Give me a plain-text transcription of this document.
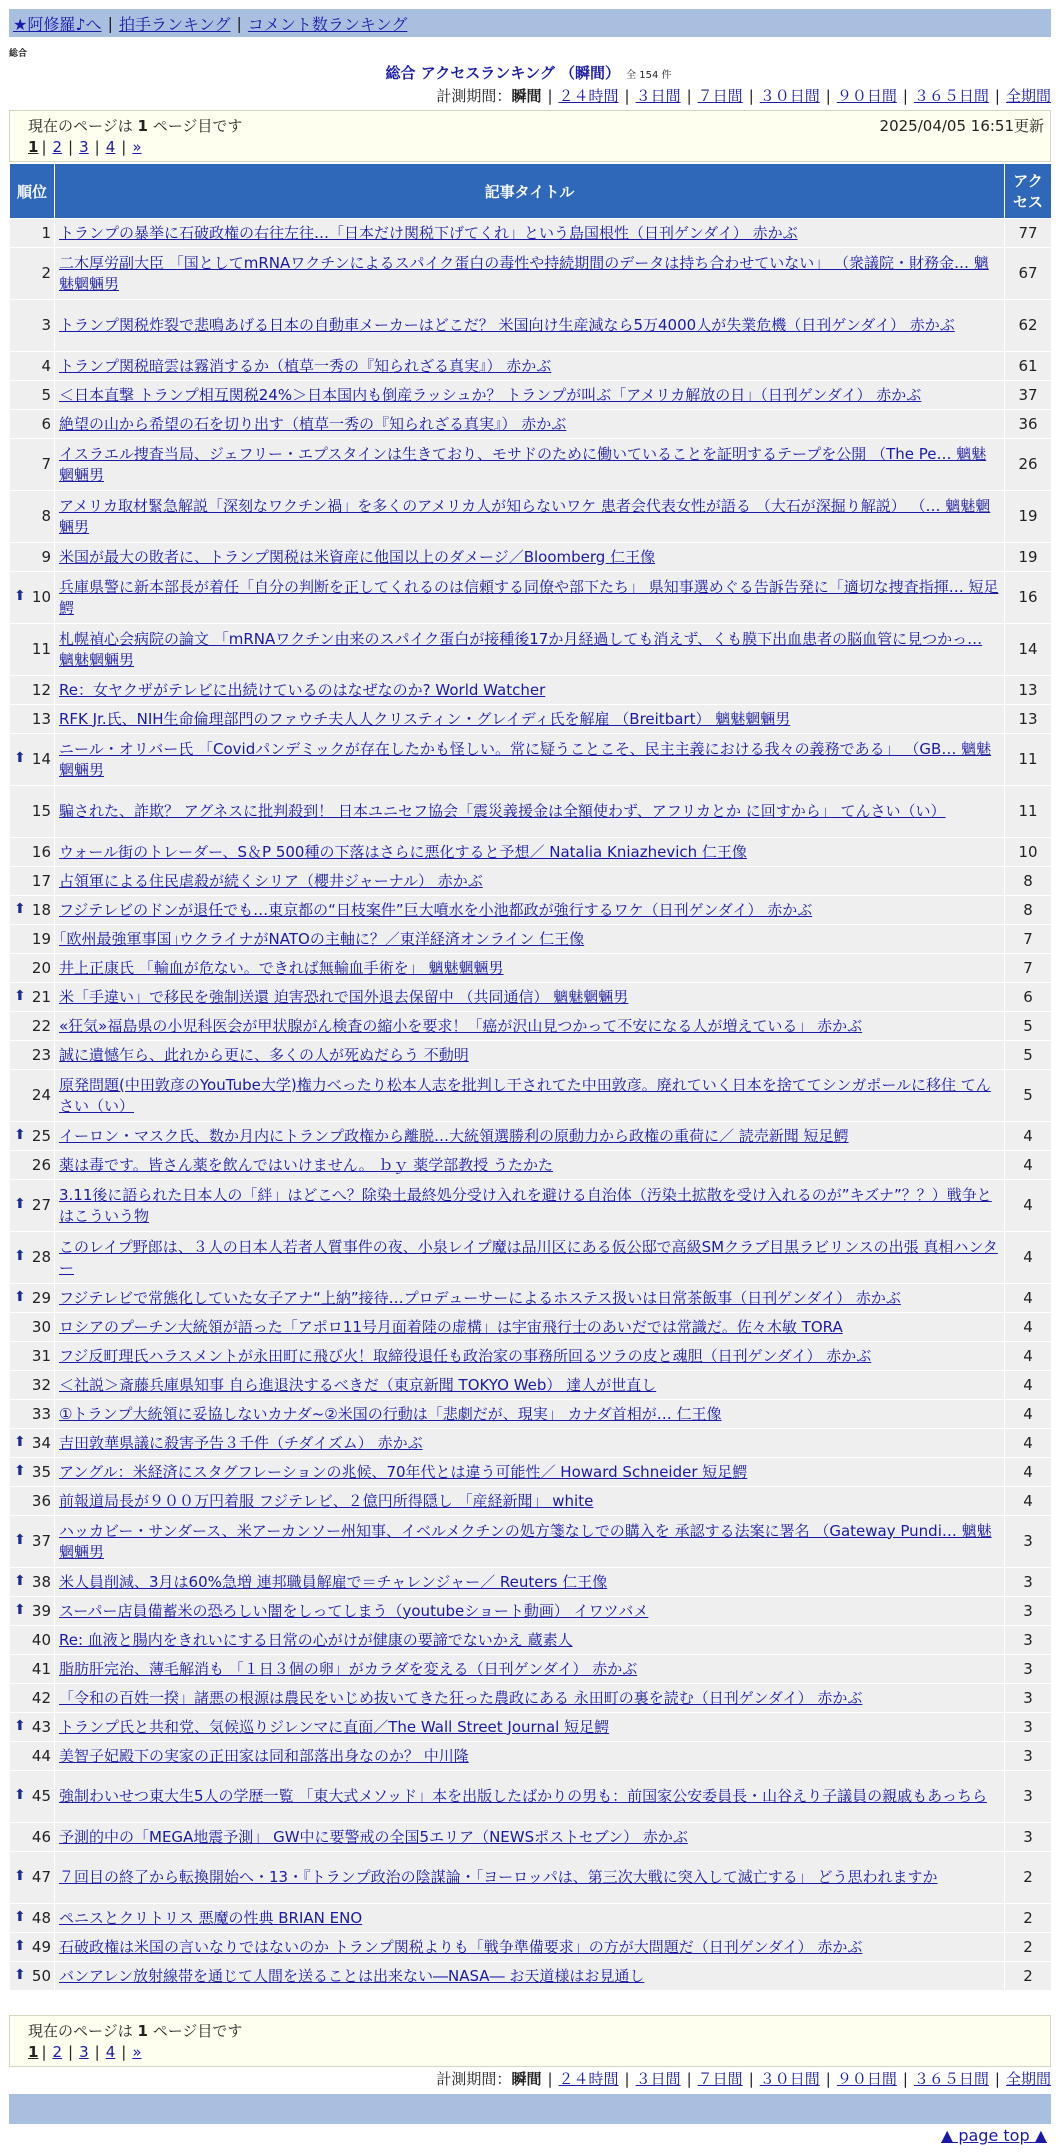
★阿修羅♪へ | 拍手ランキング | コメント数ランキング
総合
総合 アクセスランキング （瞬間） 全 154 件
計測期間：瞬間 | ２４時間 | ３日間 | ７日間 | ３０日間 | ９０日間 | ３６５日間 | 全期間
現在のページは 1 ページ目です	2025/04/05 16:51更新
1 | 2 | 3 | 4 | »
順位	記事タイトル	アクセス
1	トランプの暴挙に石破政権の右往左往…「日本だけ関税下げてくれ」という島国根性（日刊ゲンダイ） 赤かぶ	77
2	二木厚労副大臣 「国としてmRNAワクチンによるスパイク蛋白の毒性や持続期間のデータは持ち合わせていない」 （衆議院・財務金… 魑魅魍魎男	67
3	トランプ関税炸裂で悲鳴あげる日本の自動車メーカーはどこだ？ 米国向け生産減なら5万4000人が失業危機（日刊ゲンダイ） 赤かぶ	62
4	トランプ関税暗雲は霧消するか（植草一秀の『知られざる真実』） 赤かぶ	61
5	＜日本直撃 トランプ相互関税24%＞日本国内も倒産ラッシュか？ トランプが叫ぶ「アメリカ解放の日」（日刊ゲンダイ） 赤かぶ	37
6	絶望の山から希望の石を切り出す（植草一秀の『知られざる真実』） 赤かぶ	36
7	イスラエル捜査当局、ジェフリー・エプスタインは生きており、モサドのために働いていることを証明するテープを公開 （The Pe… 魑魅魍魎男	26
8	アメリカ取材緊急解説「深刻なワクチン禍」を多くのアメリカ人が知らないワケ 患者会代表女性が語る （大石が深掘り解説） （… 魑魅魍魎男	19
9	米国が最大の敗者に、トランプ関税は米資産に他国以上のダメージ／Bloomberg 仁王像	19

⬆ 10	兵庫県警に新本部長が着任「自分の判断を正してくれるのは信頼する同僚や部下たち」 県知事選めぐる告訴告発に「適切な捜査指揮… 短足鰐	16
11	札幌禎心会病院の論文 「mRNAワクチン由来のスパイク蛋白が接種後17か月経過しても消えず、くも膜下出血患者の脳血管に見つかっ… 魑魅魍魎男	14
12	Re：女ヤクザがテレビに出続けているのはなぜなのか? World Watcher	13
13	RFK Jr.氏、NIH生命倫理部門のファウチ夫人人クリスティン・グレイディ氏を解雇 （Breitbart） 魑魅魍魎男	13

⬆ 14	ニール・オリバー氏 「Covidパンデミックが存在したかも怪しい。常に疑うことこそ、民主主義における我々の義務である」 （GB… 魑魅魍魎男	11
15	騙された、詐欺？ アグネスに批判殺到！ 日本ユニセフ協会「震災義援金は全額使わず、アフリカとか に回すから」 てんさい（い）	11
16	ウォール街のトレーダー、S＆P 500種の下落はさらに悪化すると予想／ Natalia Kniazhevich 仁王像	10
17	占領軍による住民虐殺が続くシリア（櫻井ジャーナル） 赤かぶ	8

⬆ 18	フジテレビのドンが退任でも…東京都の“日枝案件”巨大噴水を小池都政が強行するワケ（日刊ゲンダイ） 赤かぶ	8
19	｢欧州最強軍事国｣ウクライナがNATOの主軸に？／東洋経済オンライン 仁王像	7
20	井上正康氏 「輸血が危ない。できれば無輸血手術を」 魑魅魍魎男	7

⬆ 21	米「手違い」で移民を強制送還 迫害恐れで国外退去保留中 （共同通信） 魑魅魍魎男	6
22	«狂気»福島県の小児科医会が甲状腺がん検査の縮小を要求！「癌が沢山見つかって不安になる人が増えている」 赤かぶ	5
23	誠に遺憾乍ら、此れから更に、多くの人が死ぬだらう 不動明	5
24	原発問題(中田敦彦のYouTube大学)権力べったり松本人志を批判し干されてた中田敦彦。廃れていく日本を捨ててシンガポールに移住 てんさい（い）	5

⬆ 25	イーロン・マスク氏、数か月内にトランプ政権から離脱…大統領選勝利の原動力から政権の重荷に／ 読売新聞 短足鰐	4
26	薬は毒です。皆さん薬を飲んではいけません。 ｂｙ 薬学部教授 うたかた	4

⬆ 27	3.11後に語られた日本人の「絆」はどこへ？除染土最終処分受け入れを避ける自治体（汚染土拡散を受け入れるのが”キズナ”？？）戦争とはこういう物	4

⬆ 28	このレイプ野郎は、３人の日本人若者人質事件の夜、小泉レイプ魔は品川区にある仮公邸で高級SMクラブ目黒ラビリンスの出張 真相ハンター	4

⬆ 29	フジテレビで常態化していた女子アナ“上納”接待…プロデューサーによるホステス扱いは日常茶飯事（日刊ゲンダイ） 赤かぶ	4
30	ロシアのプーチン大統領が語った「アポロ11号月面着陸の虚構」は宇宙飛行士のあいだでは常識だ。佐々木敏 TORA	4
31	フジ反町理氏ハラスメントが永田町に飛び火！取締役退任も政治家の事務所回るツラの皮と魂胆（日刊ゲンダイ） 赤かぶ	4
32	＜社説＞斎藤兵庫県知事 自ら進退決するべきだ（東京新聞 TOKYO Web） 達人が世直し	4
33	①トランプ大統領に妥協しないカナダ~②米国の行動は「悲劇だが、現実」 カナダ首相が… 仁王像	4

⬆ 34	吉田敦華県議に殺害予告３千件（チダイズム） 赤かぶ	4

⬆ 35	アングル：米経済にスタグフレーションの兆候、70年代とは違う可能性／ Howard Schneider 短足鰐	4
36	前報道局長が９００万円着服 フジテレビ、２億円所得隠し 「産経新聞」 white	4

⬆ 37	ハッカビー・サンダース、米アーカンソー州知事、イベルメクチンの処方箋なしでの購入を 承認する法案に署名 （Gateway Pundi… 魑魅魍魎男	3

⬆ 38	米人員削減、3月は60%急増 連邦職員解雇で＝チャレンジャー／ Reuters 仁王像	3

⬆ 39	スーパー店員備蓄米の恐ろしい闇をしってしまう（youtubeショート動画） イワツバメ	3
40	Re: 血液と腸内をきれいにする日常の心がけが健康の要諦でないかえ 蔵素人	3
41	脂肪肝完治、薄毛解消も 「１日３個の卵」がカラダを変える（日刊ゲンダイ） 赤かぶ	3
42	「令和の百姓一揆」諸悪の根源は農民をいじめ抜いてきた狂った農政にある 永田町の裏を読む（日刊ゲンダイ） 赤かぶ	3

⬆ 43	トランプ氏と共和党、気候巡りジレンマに直面／The Wall Street Journal 短足鰐	3
44	美智子妃殿下の実家の正田家は同和部落出身なのか？ 中川隆	3

⬆ 45	強制わいせつ東大生5人の学歴一覧 「東大式メソッド」本を出版したばかりの男も：前国家公安委員長・山谷えり子議員の親戚もあっちら	3
46	予測的中の「MEGA地震予測」 GW中に要警戒の全国5エリア（NEWSポストセブン） 赤かぶ	3

⬆ 47	７回目の終了から転換開始へ・13・『トランプ政治の陰謀論・「ヨーロッパは、第三次大戦に突入して滅亡する」 どう思われますか	2

⬆ 48	ペニスとクリトリス 悪魔の性典 BRIAN ENO	2

⬆ 49	石破政権は米国の言いなりではないのか トランプ関税よりも「戦争準備要求」の方が大問題だ（日刊ゲンダイ） 赤かぶ	2

⬆ 50	バンアレン放射線帯を通じて人間を送ることは出来ない―NASA― お天道様はお見通し	2
現在のページは 1 ページ目です
1 | 2 | 3 | 4 | »
計測期間：瞬間 | ２４時間 | ３日間 | ７日間 | ３０日間 | ９０日間 | ３６５日間 | 全期間
▲ page top ▲
